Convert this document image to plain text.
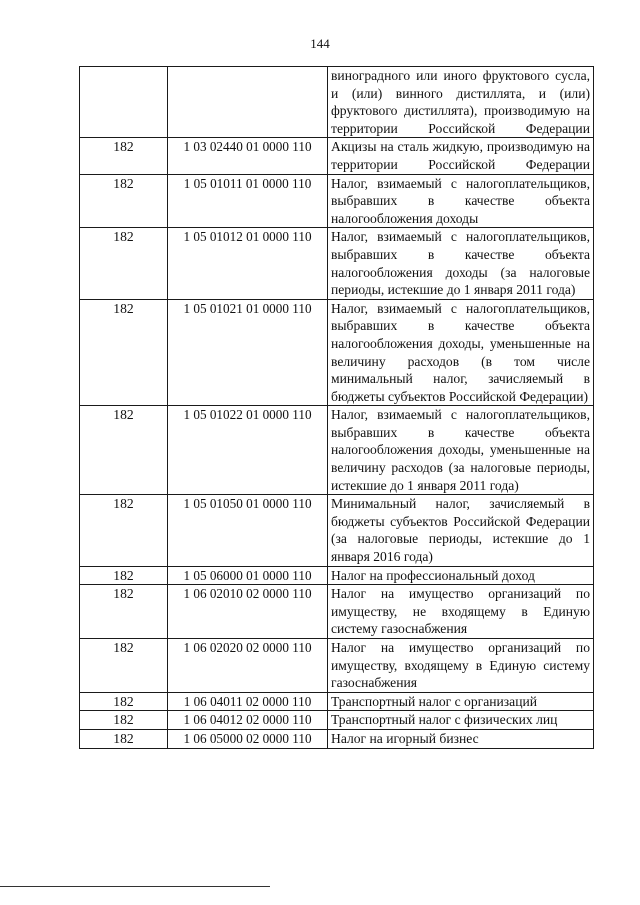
144
		виноградного или иного фруктового сусла, и (или) винного дистиллята, и (или) фруктового дистиллята), производимую на территории Российской Федерации
182	1 03 02440 01 0000 110	Акцизы на сталь жидкую, производимую на территории Российской Федерации
182	1 05 01011 01 0000 110	Налог, взимаемый с налогоплательщиков, выбравших в качестве объекта налогообложения доходы
182	1 05 01012 01 0000 110	Налог, взимаемый с налогоплательщиков, выбравших в качестве объекта налогообложения доходы (за налоговые периоды, истекшие до 1 января 2011 года)
182	1 05 01021 01 0000 110	Налог, взимаемый с налогоплательщиков, выбравших в качестве объекта налогообложения доходы, уменьшенные на величину расходов (в том числе минимальный налог, зачисляемый в бюджеты субъектов Российской Федерации)
182	1 05 01022 01 0000 110	Налог, взимаемый с налогоплательщиков, выбравших в качестве объекта налогообложения доходы, уменьшенные на величину расходов (за налоговые периоды, истекшие до 1 января 2011 года)
182	1 05 01050 01 0000 110	Минимальный налог, зачисляемый в бюджеты субъектов Российской Федерации (за налоговые периоды, истекшие до 1 января 2016 года)
182	1 05 06000 01 0000 110	Налог на профессиональный доход
182	1 06 02010 02 0000 110	Налог на имущество организаций по имуществу, не входящему в Единую систему газоснабжения
182	1 06 02020 02 0000 110	Налог на имущество организаций по имуществу, входящему в Единую систему газоснабжения
182	1 06 04011 02 0000 110	Транспортный налог с организаций
182	1 06 04012 02 0000 110	Транспортный налог с физических лиц
182	1 06 05000 02 0000 110	Налог на игорный бизнес
